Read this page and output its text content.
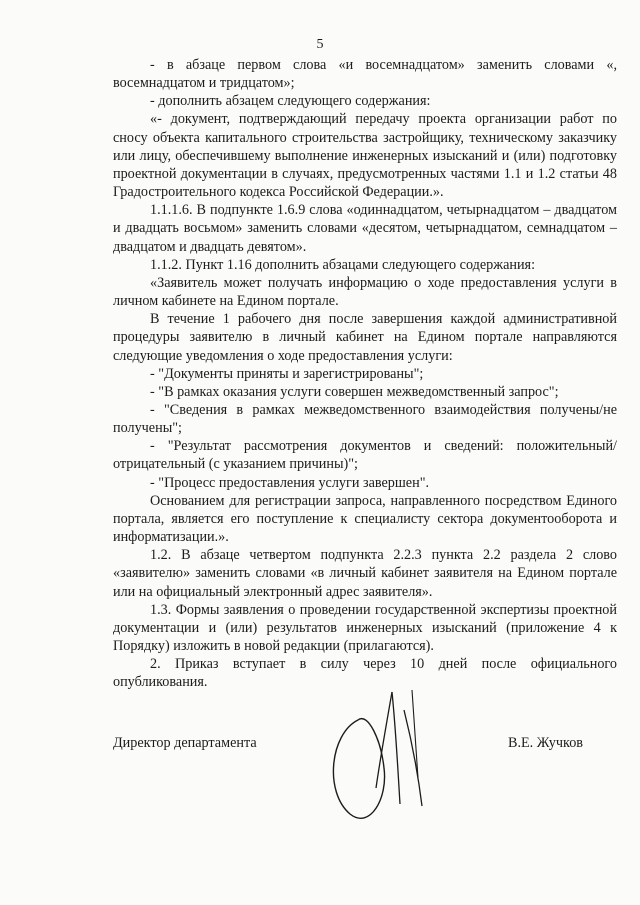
5

- в абзаце первом слова «и восемнадцатом» заменить словами «, восемнадцатом и тридцатом»;

- дополнить абзацем следующего содержания:

«- документ, подтверждающий передачу проекта организации работ по сносу объекта капитального строительства застройщику, техническому заказчику или лицу, обеспечившему выполнение инженерных изысканий и (или) подготовку проектной документации в случаях, предусмотренных частями 1.1 и 1.2 статьи 48 Градостроительного кодекса Российской Федерации.».

1.1.1.6. В подпункте 1.6.9 слова «одиннадцатом, четырнадцатом – двадцатом и двадцать восьмом» заменить словами «десятом, четырнадцатом, семнадцатом – двадцатом и двадцать девятом».

1.1.2. Пункт 1.16 дополнить абзацами следующего содержания:

«Заявитель может получать информацию о ходе предоставления услуги в личном кабинете на Едином портале.

В течение 1 рабочего дня после завершения каждой административной процедуры заявителю в личный кабинет на Едином портале направляются следующие уведомления о ходе предоставления услуги:

- "Документы приняты и зарегистрированы";

- "В рамках оказания услуги совершен межведомственный запрос";

- "Сведения в рамках межведомственного взаимодействия получены/не получены";

- "Результат рассмотрения документов и сведений: положительный/отрицательный (с указанием причины)";

- "Процесс предоставления услуги завершен".

Основанием для регистрации запроса, направленного посредством Единого портала, является его поступление к специалисту сектора документооборота и информатизации.».

1.2. В абзаце четвертом подпункта 2.2.3 пункта 2.2 раздела 2 слово «заявителю» заменить словами «в личный кабинет заявителя на Едином портале или на официальный электронный адрес заявителя».

1.3. Формы заявления о проведении государственной экспертизы проектной документации и (или) результатов инженерных изысканий (приложение 4 к Порядку) изложить в новой редакции (прилагаются).

2. Приказ вступает в силу через 10 дней после официального опубликования.

Директор департамента	В.Е. Жучков
